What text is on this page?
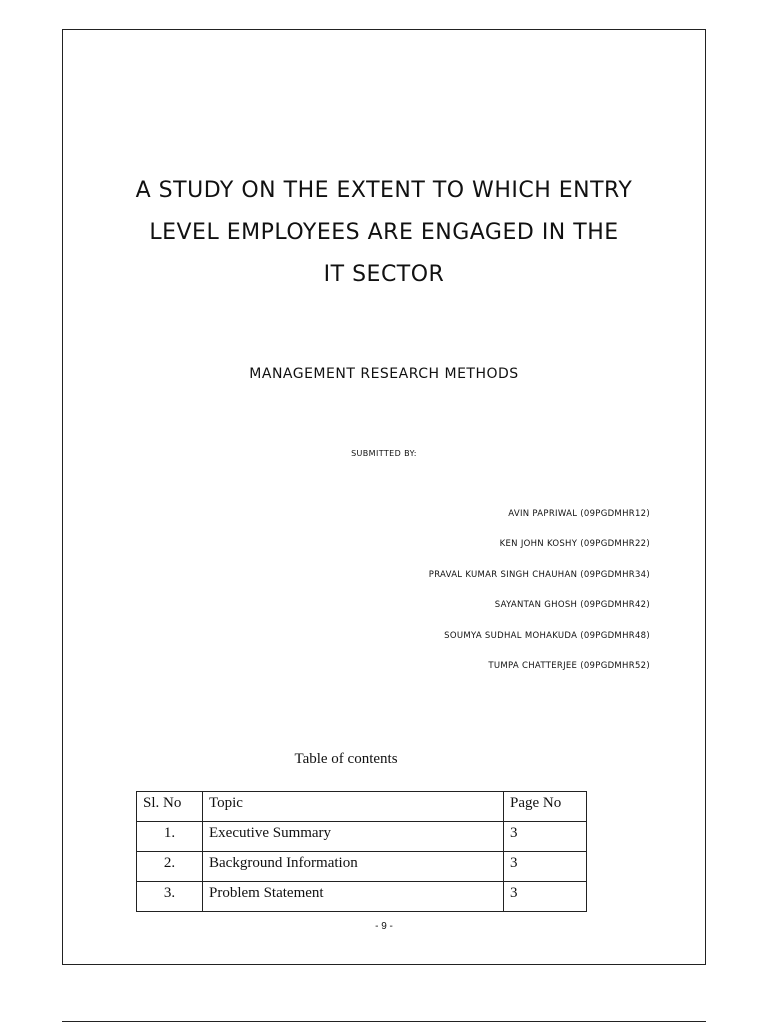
A STUDY ON THE EXTENT TO WHICH ENTRY
LEVEL EMPLOYEES ARE ENGAGED IN THE
IT SECTOR
MANAGEMENT RESEARCH METHODS
SUBMITTED BY:
AVIN PAPRIWAL (09PGDMHR12)
KEN JOHN KOSHY (09PGDMHR22)
PRAVAL KUMAR SINGH CHAUHAN (09PGDMHR34)
SAYANTAN GHOSH (09PGDMHR42)
SOUMYA SUDHAL MOHAKUDA (09PGDMHR48)
TUMPA CHATTERJEE (09PGDMHR52)
Table of contents
Sl. No	Topic	Page No
1.	Executive Summary	3
2.	Background Information	3
3.	Problem Statement	3
- 9 -
